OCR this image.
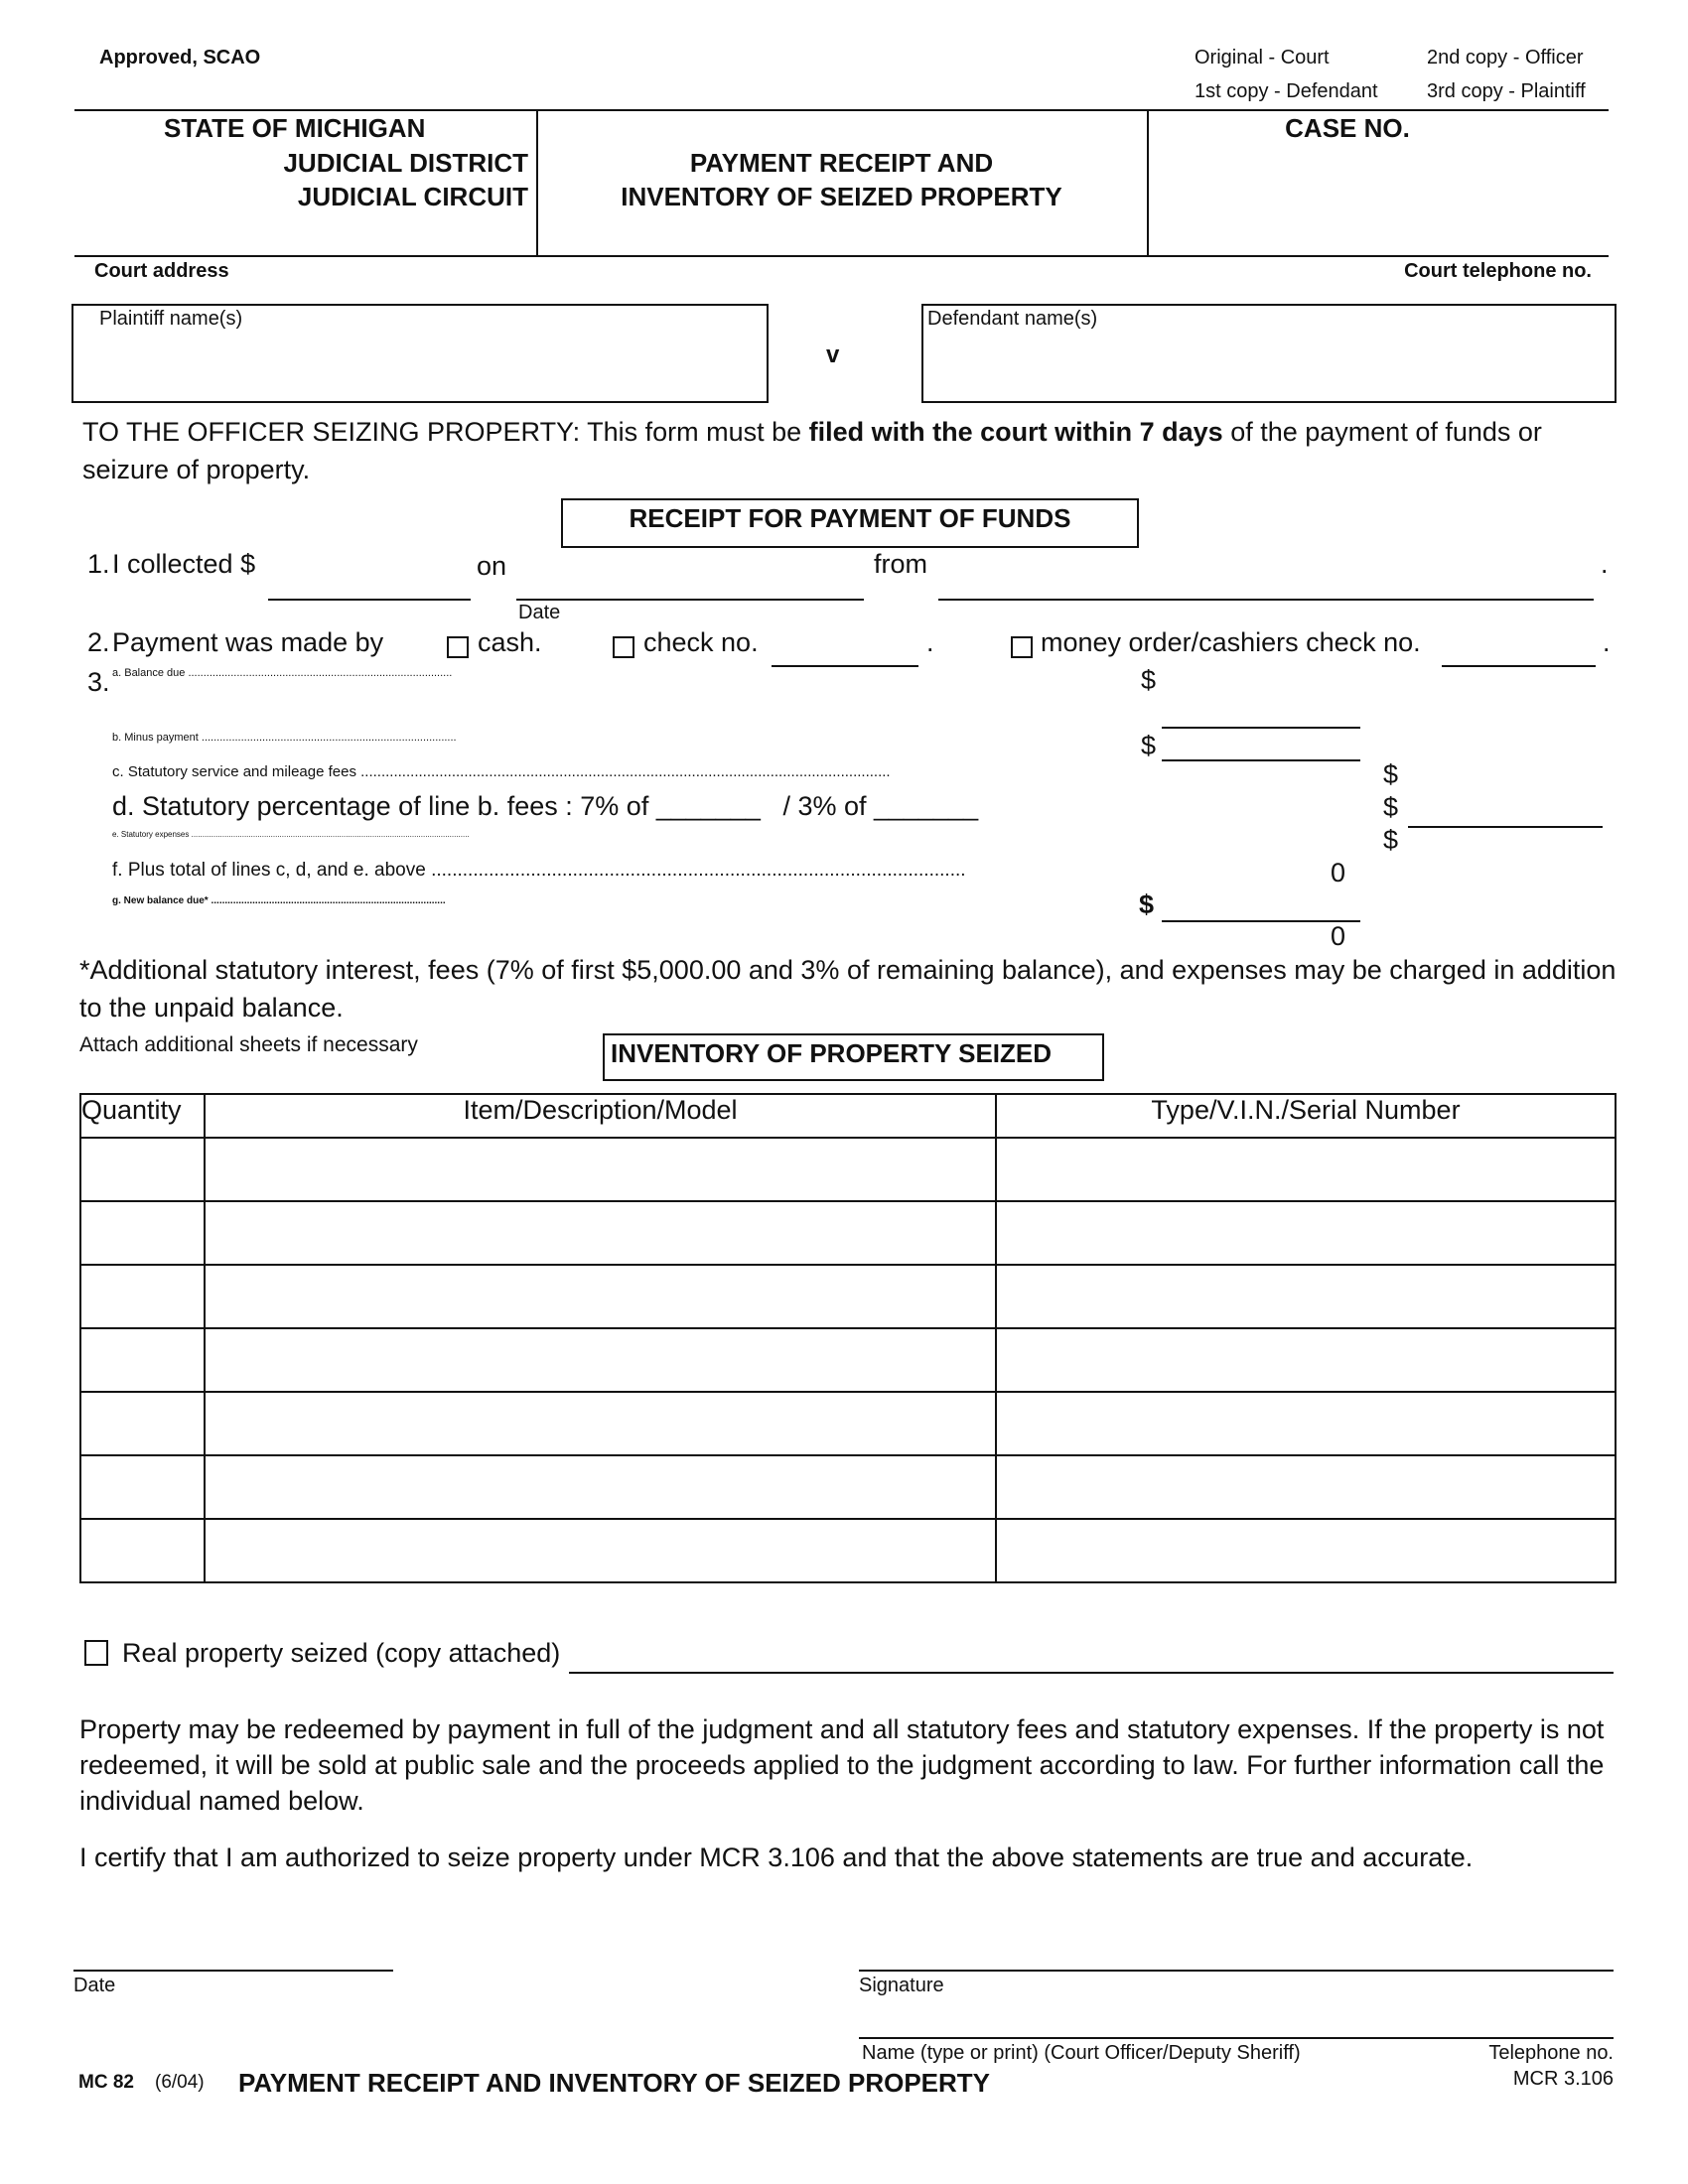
Approved, SCAO	Original - Court
1st copy - Defendant
2nd copy - Officer
3rd copy - Plaintiff
STATE OF MICHIGAN
JUDICIAL DISTRICT
JUDICIAL CIRCUIT
PAYMENT RECEIPT AND
INVENTORY OF SEIZED PROPERTY
CASE NO.
Court address	Court telephone no.
Plaintiff name(s)
v
Defendant name(s)
TO THE OFFICER SEIZING PROPERTY: This form must be filed with the court within 7 days of the payment of funds or seizure of property.
RECEIPT FOR PAYMENT OF FUNDS
1. I collected $	on
Date
from	.
2. Payment was made by	cash.	check no.	.	money order/cashiers check no.	.
3. a. Balance due .......................................................................................	$
b. Minus payment ....................................................................................	$
c. Statutory service and mileage fees ................................................................................................................................	$
d. Statutory percentage of line b. fees : 7% of _______   / 3% of _______	$
e. Statutory expenses ..............................................................................................................................	$
f. Plus total of lines c, d, and e. above ......................................................................................................	0
g. New balance due* .....................................................................................	$
0
*Additional statutory interest, fees (7% of first $5,000.00 and 3% of remaining balance), and expenses may be charged in addition to the unpaid balance.
Attach additional sheets if necessary	INVENTORY OF PROPERTY SEIZED
Quantity	Item/Description/Model	Type/V.I.N./Serial Number

Real property seized (copy attached)
Property may be redeemed by payment in full of the judgment and all statutory fees and statutory expenses. If the property is not redeemed, it will be sold at public sale and the proceeds applied to the judgment according to law. For further information call the individual named below.
I certify that I am authorized to seize property under MCR 3.106 and that the above statements are true and accurate.
Date	Signature
Name (type or print) (Court Officer/Deputy Sheriff)	Telephone no.
MC 82 (6/04) PAYMENT RECEIPT AND INVENTORY OF SEIZED PROPERTY	MCR 3.106
